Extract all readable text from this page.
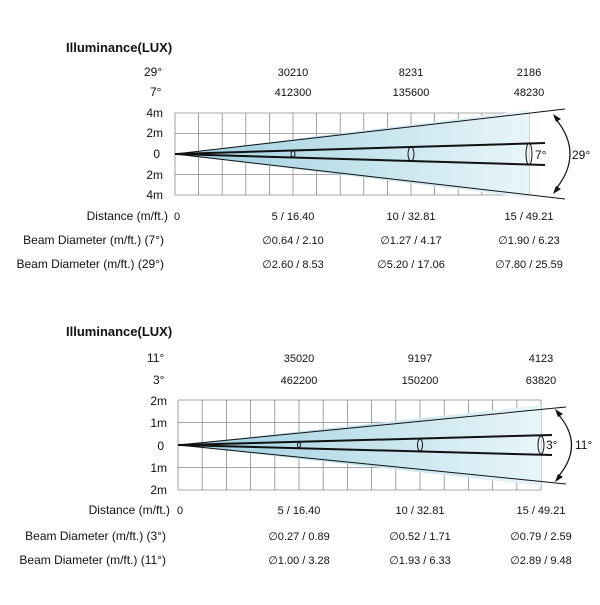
Illuminance(LUX)
29°
7°
30210	8231	2186
412300	135600	48230
4m
2m
0
2m
4m
7° 29°
Distance (m/ft.) 0	5 / 16.40	10 / 32.81	15 / 49.21
Beam Diameter (m/ft.) (7°)	∅0.64 / 2.10	∅1.27 / 4.17	∅1.90 / 6.23
Beam Diameter (m/ft.) (29°)	∅2.60 / 8.53	∅5.20 / 17.06	∅7.80 / 25.59
Illuminance(LUX)
11°
3°
35020	9197	4123
462200	150200	63820
2m
1m
0
1m
2m
3° 11°
Distance (m/ft.) 0	5 / 16.40	10 / 32.81	15 / 49.21
Beam Diameter (m/ft.) (3°)	∅0.27 / 0.89	∅0.52 / 1.71	∅0.79 / 2.59
Beam Diameter (m/ft.) (11°)	∅1.00 / 3.28	∅1.93 / 6.33	∅2.89 / 9.48
